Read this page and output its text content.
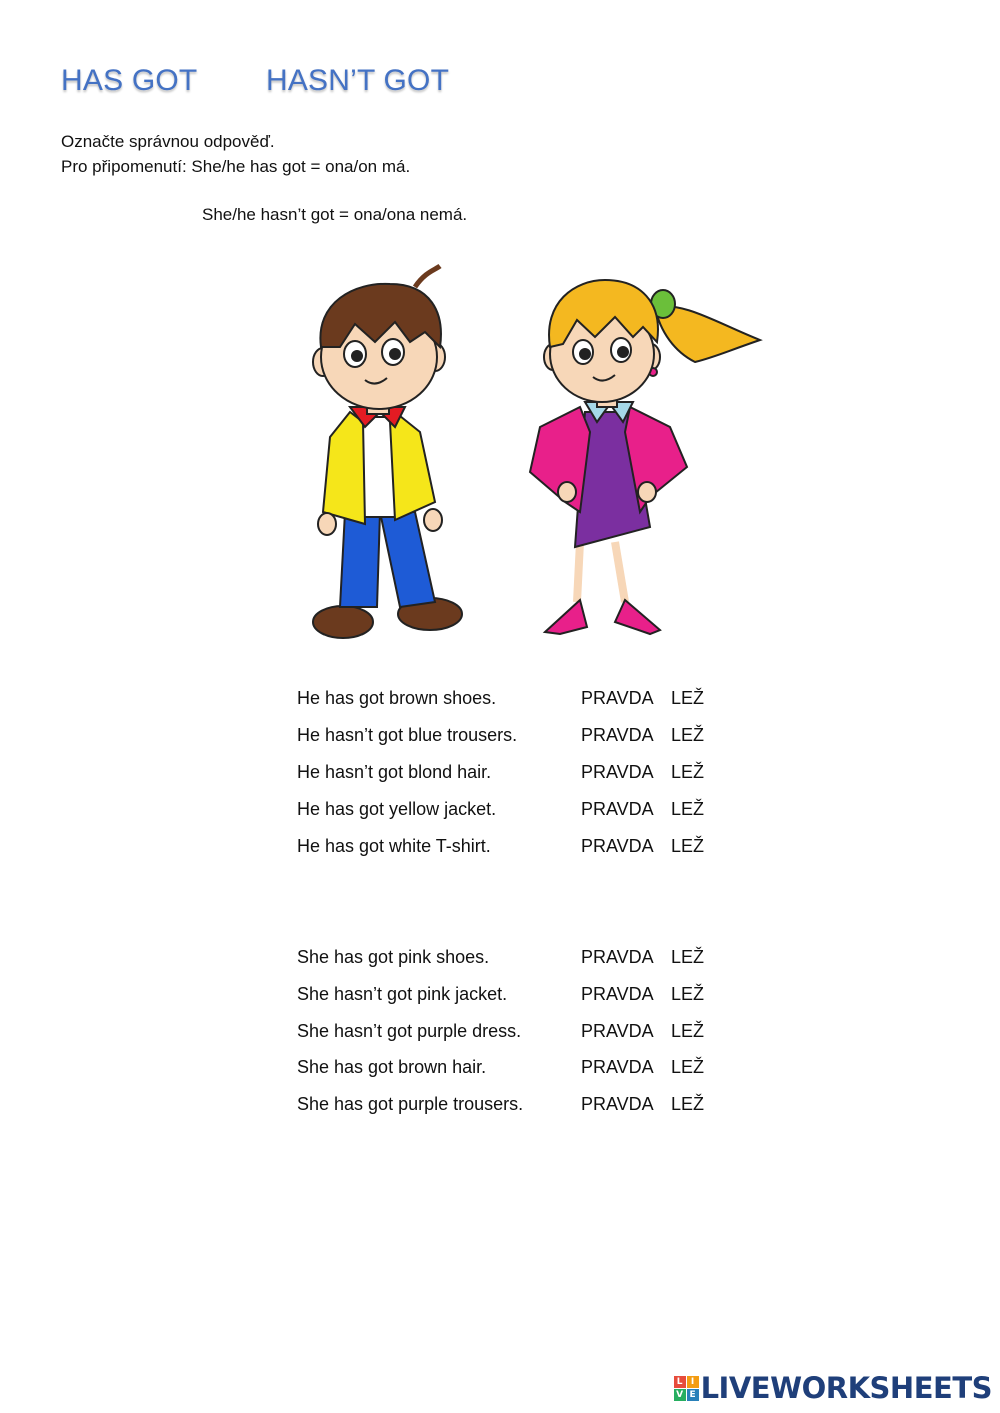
HAS GOT HASN’T GOT
Označte správnou odpověď.
Pro připomenutí: She/he has got = ona/on má.
She/he hasn’t got = ona/ona nemá.
He has got brown shoes.	PRAVDA LEŽ
He hasn’t got blue trousers.	PRAVDA LEŽ
He hasn’t got blond hair.	PRAVDA LEŽ
He has got yellow jacket.	PRAVDA LEŽ
He has got white T-shirt.	PRAVDA LEŽ
She has got pink shoes.	PRAVDA LEŽ
She hasn’t got pink jacket.	PRAVDA LEŽ
She hasn’t got purple dress.	PRAVDA LEŽ
She has got brown hair.	PRAVDA LEŽ
She has got purple trousers.	PRAVDA LEŽ
L I
V E LIVEWORKSHEETS
